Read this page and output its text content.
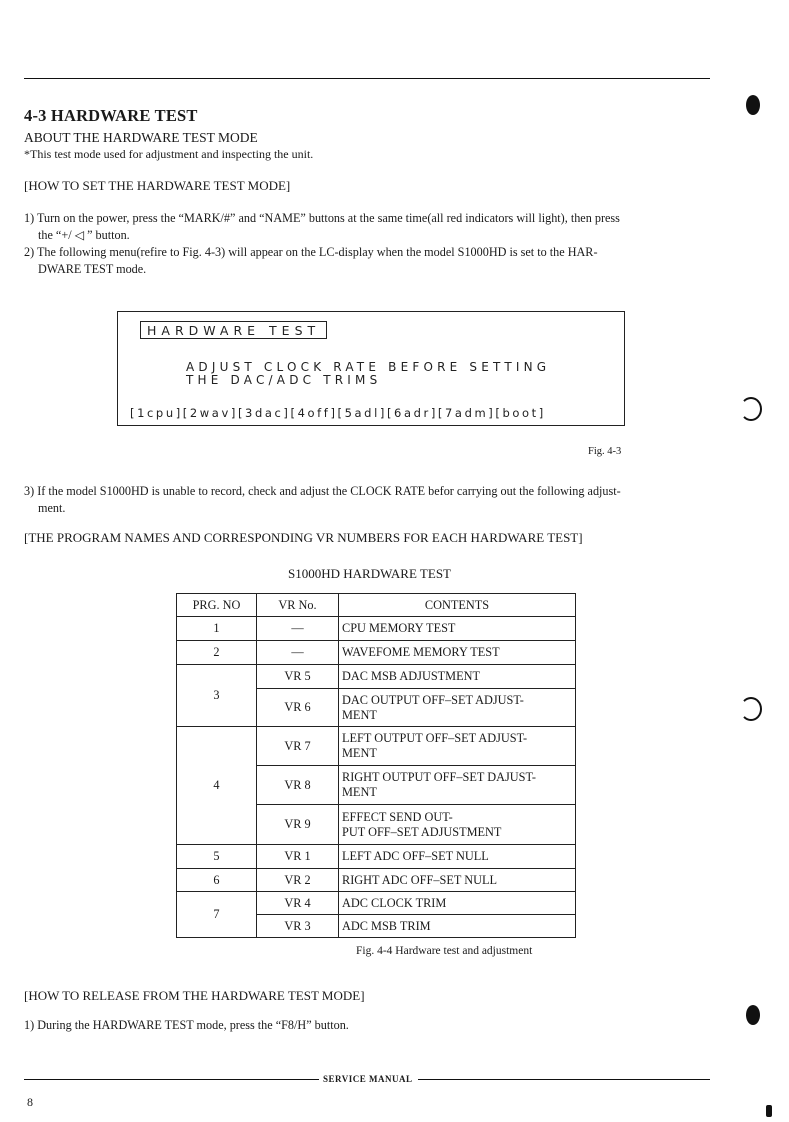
4-3 HARDWARE TEST
ABOUT THE HARDWARE TEST MODE
*This test mode used for adjustment and inspecting the unit.
[HOW TO SET THE HARDWARE TEST MODE]
1) Turn on the power, press the “MARK/#” and “NAME” buttons at the same time(all red indicators will light), then press
the “+/ ◁ ” button.
2) The following menu(refire to Fig. 4-3) will appear on the LC-display when the model S1000HD is set to the HAR-
DWARE TEST mode.
HARDWARE TEST
ADJUST CLOCK RATE BEFORE SETTING
THE DAC/ADC TRIMS
[1cpu][2wav][3dac][4off][5adl][6adr][7adm][boot]
Fig. 4-3
3) If the model S1000HD is unable to record, check and adjust the CLOCK RATE befor carrying out the following adjust-
ment.
[THE PROGRAM NAMES AND CORRESPONDING VR NUMBERS FOR EACH HARDWARE TEST]
S1000HD HARDWARE TEST
PRG. NO	VR No.	CONTENTS
1	—	CPU MEMORY TEST
2	—	WAVEFOME MEMORY TEST
3	VR 5	DAC MSB ADJUSTMENT
	VR 6	DAC OUTPUT OFF–SET ADJUST-
MENT

4	VR 7	LEFT OUTPUT OFF–SET ADJUST-
MENT

	VR 8	RIGHT OUTPUT OFF–SET DAJUST-
MENT

	VR 9	EFFECT SEND OUT-
PUT OFF–SET ADJUSTMENT

5	VR 1	LEFT ADC OFF–SET NULL
6	VR 2	RIGHT ADC OFF–SET NULL
7	VR 4	ADC CLOCK TRIM
	VR 3	ADC MSB TRIM
Fig. 4-4 Hardware test and adjustment
[HOW TO RELEASE FROM THE HARDWARE TEST MODE]
1) During the HARDWARE TEST mode, press the “F8/H” button.
SERVICE MANUAL
8
